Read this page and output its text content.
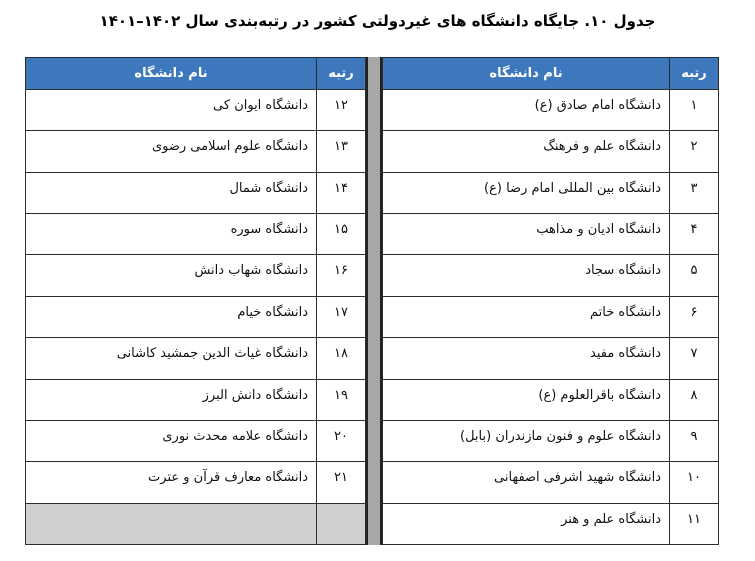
جدول ۱۰. جایگاه دانشگاه های غیردولتی کشور در رتبه‌بندی سال ۱۴۰۲–۱۴۰۱
رتبه	نام دانشگاه
۱۲	دانشگاه ایوان کی
۱۳	دانشگاه علوم اسلامی رضوی
۱۴	دانشگاه شمال
۱۵	دانشگاه سوره
۱۶	دانشگاه شهاب دانش
۱۷	دانشگاه خیام
۱۸	دانشگاه غیاث الدین جمشید کاشانی
۱۹	دانشگاه دانش البرز
۲۰	دانشگاه علامه محدث نوری
۲۱	دانشگاه معارف قرآن و عترت

رتبه	نام دانشگاه
۱	دانشگاه امام صادق (ع)
۲	دانشگاه علم و فرهنگ
۳	دانشگاه بین المللی امام رضا (ع)
۴	دانشگاه ادیان و مذاهب
۵	دانشگاه سجاد
۶	دانشگاه خاتم
۷	دانشگاه مفید
۸	دانشگاه باقرالعلوم (ع)
۹	دانشگاه علوم و فنون مازندران (بابل)
۱۰	دانشگاه شهید اشرفی اصفهانی
۱۱	دانشگاه علم و هنر
